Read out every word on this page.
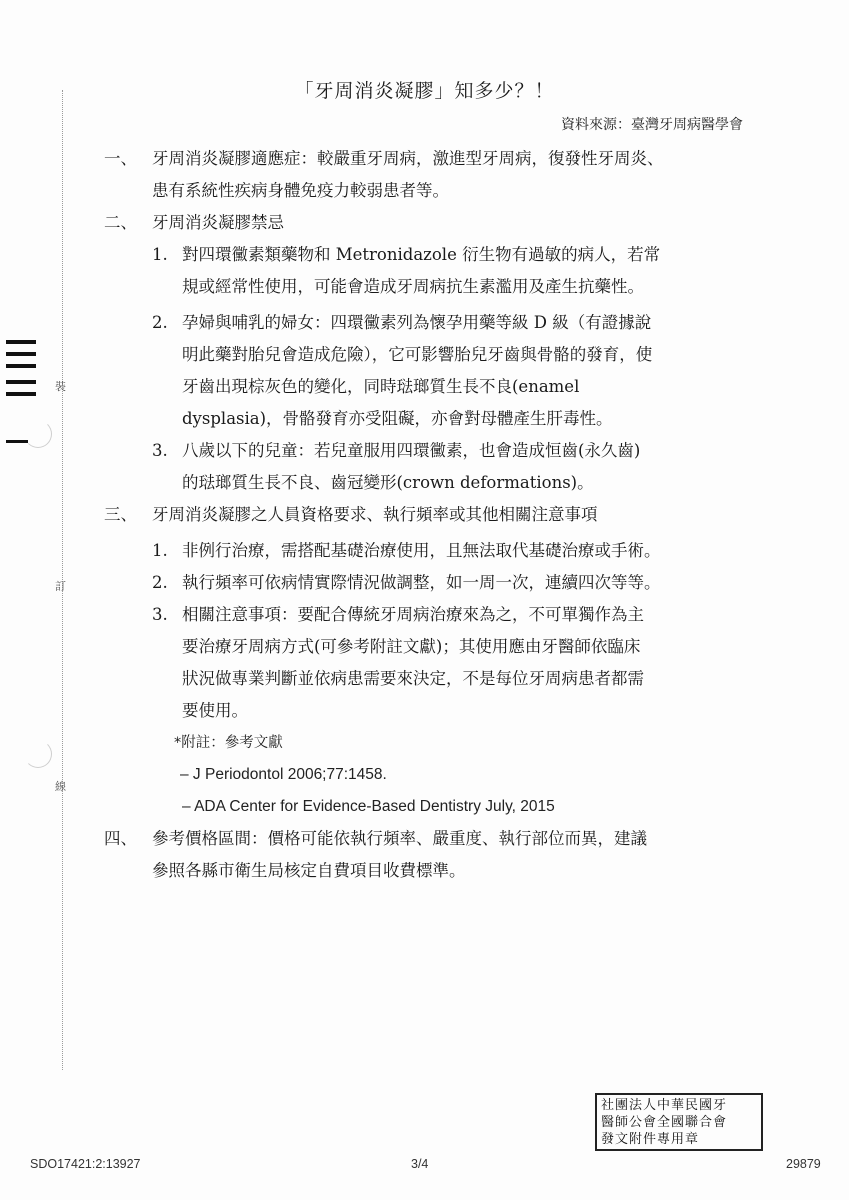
裝
訂
線
「牙周消炎凝膠」知多少？！
資料來源：臺灣牙周病醫學會
一、 牙周消炎凝膠適應症：較嚴重牙周病，激進型牙周病，復發性牙周炎、
患有系統性疾病身體免疫力較弱患者等。
二、 牙周消炎凝膠禁忌
1. 對四環黴素類藥物和 Metronidazole 衍生物有過敏的病人，若常
規或經常性使用，可能會造成牙周病抗生素濫用及產生抗藥性。
2. 孕婦與哺乳的婦女：四環黴素列為懷孕用藥等級 D 級（有證據說
明此藥對胎兒會造成危險），它可影響胎兒牙齒與骨骼的發育，使
牙齒出現棕灰色的變化，同時琺瑯質生長不良(enamel
dysplasia)，骨骼發育亦受阻礙，亦會對母體產生肝毒性。
3. 八歲以下的兒童：若兒童服用四環黴素，也會造成恒齒(永久齒)
的琺瑯質生長不良、齒冠變形(crown deformations)。
三、 牙周消炎凝膠之人員資格要求、執行頻率或其他相關注意事項
1. 非例行治療，需搭配基礎治療使用，且無法取代基礎治療或手術。
2. 執行頻率可依病情實際情況做調整，如一周一次，連續四次等等。
3. 相關注意事項：要配合傳統牙周病治療來為之，不可單獨作為主
要治療牙周病方式(可參考附註文獻)；其使用應由牙醫師依臨床
狀況做專業判斷並依病患需要來決定，不是每位牙周病患者都需
要使用。
*附註：參考文獻
– J Periodontol 2006;77:1458.
– ADA Center for Evidence-Based Dentistry July, 2015
四、 參考價格區間：價格可能依執行頻率、嚴重度、執行部位而異，建議
參照各縣市衛生局核定自費項目收費標準。
社團法人中華民國牙
醫師公會全國聯合會
發文附件專用章
SDO17421:2:13927	3/4	29879
